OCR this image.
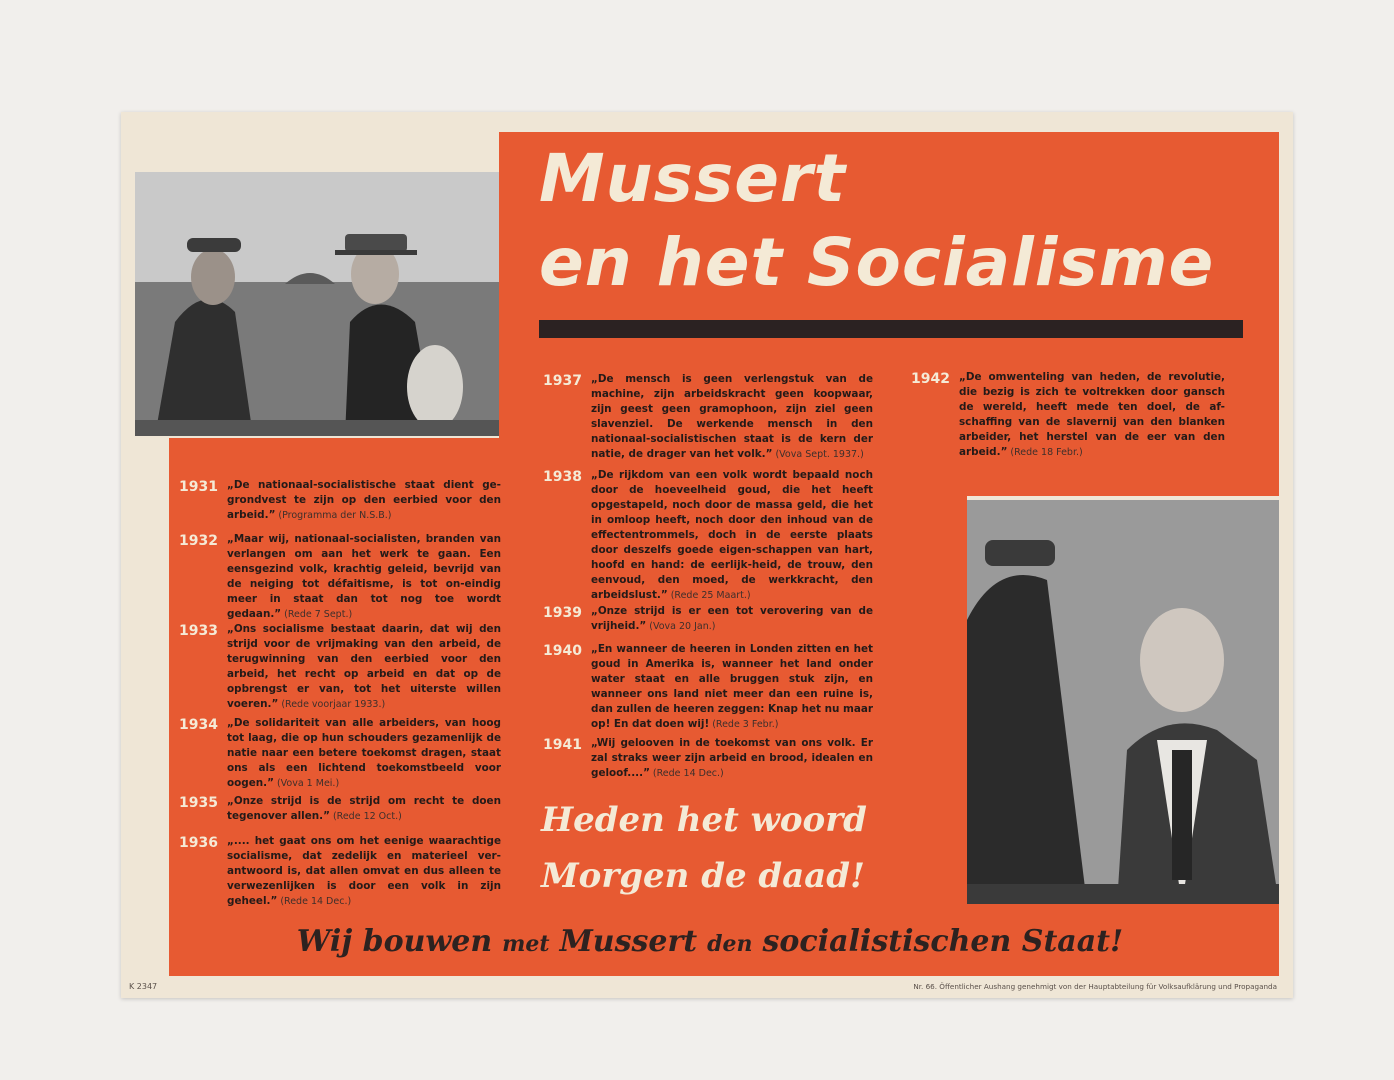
Mussert
en het Socialisme
1931 „De nationaal-socialistische staat dient ge-grondvest te zijn op den eerbied voor den arbeid.” (Programma der N.S.B.)
1932 „Maar wij, nationaal-socialisten, branden van verlangen om aan het werk te gaan. Een eensgezind volk, krachtig geleid, bevrijd van de neiging tot défaitisme, is tot on-eindig meer in staat dan tot nog toe wordt gedaan.” (Rede 7 Sept.)
1933 „Ons socialisme bestaat daarin, dat wij den strijd voor de vrijmaking van den arbeid, de terugwinning van den eerbied voor den arbeid, het recht op arbeid en dat op de opbrengst er van, tot het uiterste willen voeren.” (Rede voorjaar 1933.)
1934 „De solidariteit van alle arbeiders, van hoog tot laag, die op hun schouders gezamenlijk de natie naar een betere toekomst dragen, staat ons als een lichtend toekomstbeeld voor oogen.” (Vova 1 Mei.)
1935 „Onze strijd is de strijd om recht te doen tegenover allen.” (Rede 12 Oct.)
1936 „.... het gaat ons om het eenige waarachtige socialisme, dat zedelijk en materieel ver-antwoord is, dat allen omvat en dus alleen te verwezenlijken is door een volk in zijn geheel.” (Rede 14 Dec.)
1937 „De mensch is geen verlengstuk van de machine, zijn arbeidskracht geen koopwaar, zijn geest geen gramophoon, zijn ziel geen slavenziel. De werkende mensch in den nationaal-socialistischen staat is de kern der natie, de drager van het volk.” (Vova Sept. 1937.)
1938 „De rijkdom van een volk wordt bepaald noch door de hoeveelheid goud, die het heeft opgestapeld, noch door de massa geld, die het in omloop heeft, noch door den inhoud van de effectentrommels, doch in de eerste plaats door deszelfs goede eigen-schappen van hart, hoofd en hand: de eerlijk-heid, de trouw, den eenvoud, den moed, de werkkracht, den arbeidslust.” (Rede 25 Maart.)
1939 „Onze strijd is er een tot verovering van de vrijheid.” (Vova 20 Jan.)
1940 „En wanneer de heeren in Londen zitten en het goud in Amerika is, wanneer het land onder water staat en alle bruggen stuk zijn, en wanneer ons land niet meer dan een ruine is, dan zullen de heeren zeggen: Knap het nu maar op! En dat doen wij! (Rede 3 Febr.)
1941 „Wij gelooven in de toekomst van ons volk. Er zal straks weer zijn arbeid en brood, idealen en geloof....” (Rede 14 Dec.)
1942 „De omwenteling van heden, de revolutie, die bezig is zich te voltrekken door gansch de wereld, heeft mede ten doel, de af-schaffing van de slavernij van den blanken arbeider, het herstel van de eer van den arbeid.” (Rede 18 Febr.)
Heden het woord
Morgen de daad!
Wij bouwen met Mussert den socialistischen Staat!
K 2347	Nr. 66. Öffentlicher Aushang genehmigt von der Hauptabteilung für Volksaufklärung und Propaganda
